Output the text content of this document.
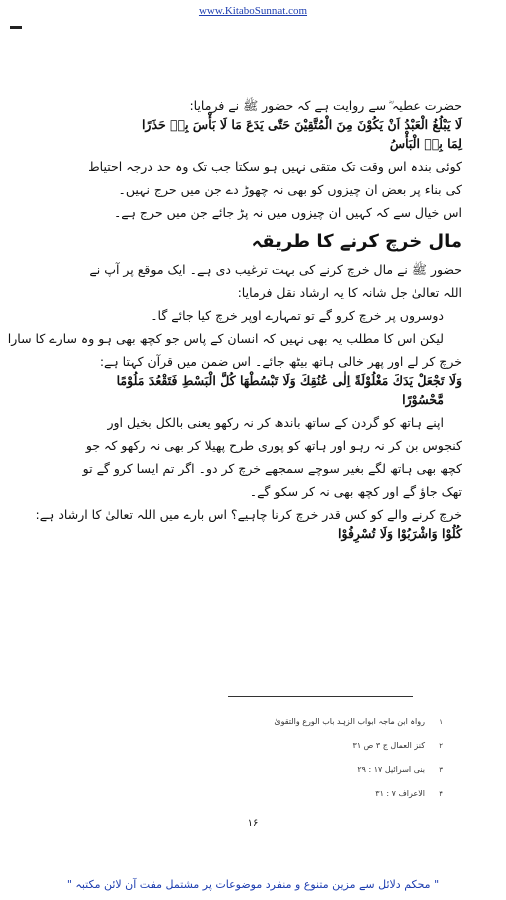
www.KitaboSunnat.com
حضرت عطیہ ؓ سے روایت ہے کہ حضور ﷺ نے فرمایا:
لَا يَبْلُغُ الْعَبْدُ اَنْ يَكُوْنَ مِنَ الْمُتَّقِيْنَ حَتّٰى يَدَعَ مَا لَا بَأْسَ بِهٖ حَذَرًا
لِمَا بِهٖ الْبَأْسُ
کوئی بندہ اس وقت تک متقی نہیں ہو سکتا جب تک وہ حد درجہ احتیاط
کی بناء پر بعض ان چیزوں کو بھی نہ چھوڑ دے جن میں حرج نہیں۔
اس خیال سے کہ کہیں ان چیزوں میں نہ پڑ جائے جن میں حرج ہے۔
مال خرچ کرنے کا طریقہ
حضور ﷺ نے مال خرچ کرنے کی بہت ترغیب دی ہے۔ ایک موقع پر آپ نے
اللہ تعالیٰ جل شانہ کا یہ ارشاد نقل فرمایا:
دوسروں پر خرچ کرو گے تو تمہارے اوپر خرچ کیا جائے گا۔
لیکن اس کا مطلب یہ بھی نہیں کہ انسان کے پاس جو کچھ بھی ہو وہ سارے کا سارا
خرچ کر لے اور پھر خالی ہاتھ بیٹھ جائے۔ اس ضمن میں قرآن کہتا ہے:
وَلَا تَجْعَلْ يَدَكَ مَغْلُوْلَةً اِلٰى عُنُقِكَ وَلَا تَبْسُطْهَا كُلَّ الْبَسْطِ فَتَقْعُدَ مَلُوْمًا
مَّحْسُوْرًا
اپنے ہاتھ کو گردن کے ساتھ باندھ کر نہ رکھو یعنی بالکل بخیل اور
کنجوس بن کر نہ رہو اور ہاتھ کو پوری طرح پھیلا کر بھی نہ رکھو کہ جو
کچھ بھی ہاتھ لگے بغیر سوچے سمجھے خرچ کر دو۔ اگر تم ایسا کرو گے تو
تھک جاؤ گے اور کچھ بھی نہ کر سکو گے۔
خرچ کرنے والے کو کس قدر خرچ کرنا چاہیے؟ اس بارے میں اللہ تعالیٰ کا ارشاد ہے:
كُلُوْا وَاشْرَبُوْا وَلَا تُسْرِفُوْا
۱
رواہ ابن ماجہ ابواب الزہد باب الورع والتقویٰ
۲
کنز العمال ج ۳ ص ۳۱
۳
بنی اسرائیل ۱۷ : ۲۹
۴
الاعراف ۷ : ۳۱
۱۶
" محکم دلائل سے مزین متنوع و منفرد موضوعات پر مشتمل مفت آن لائن مکتبہ "
